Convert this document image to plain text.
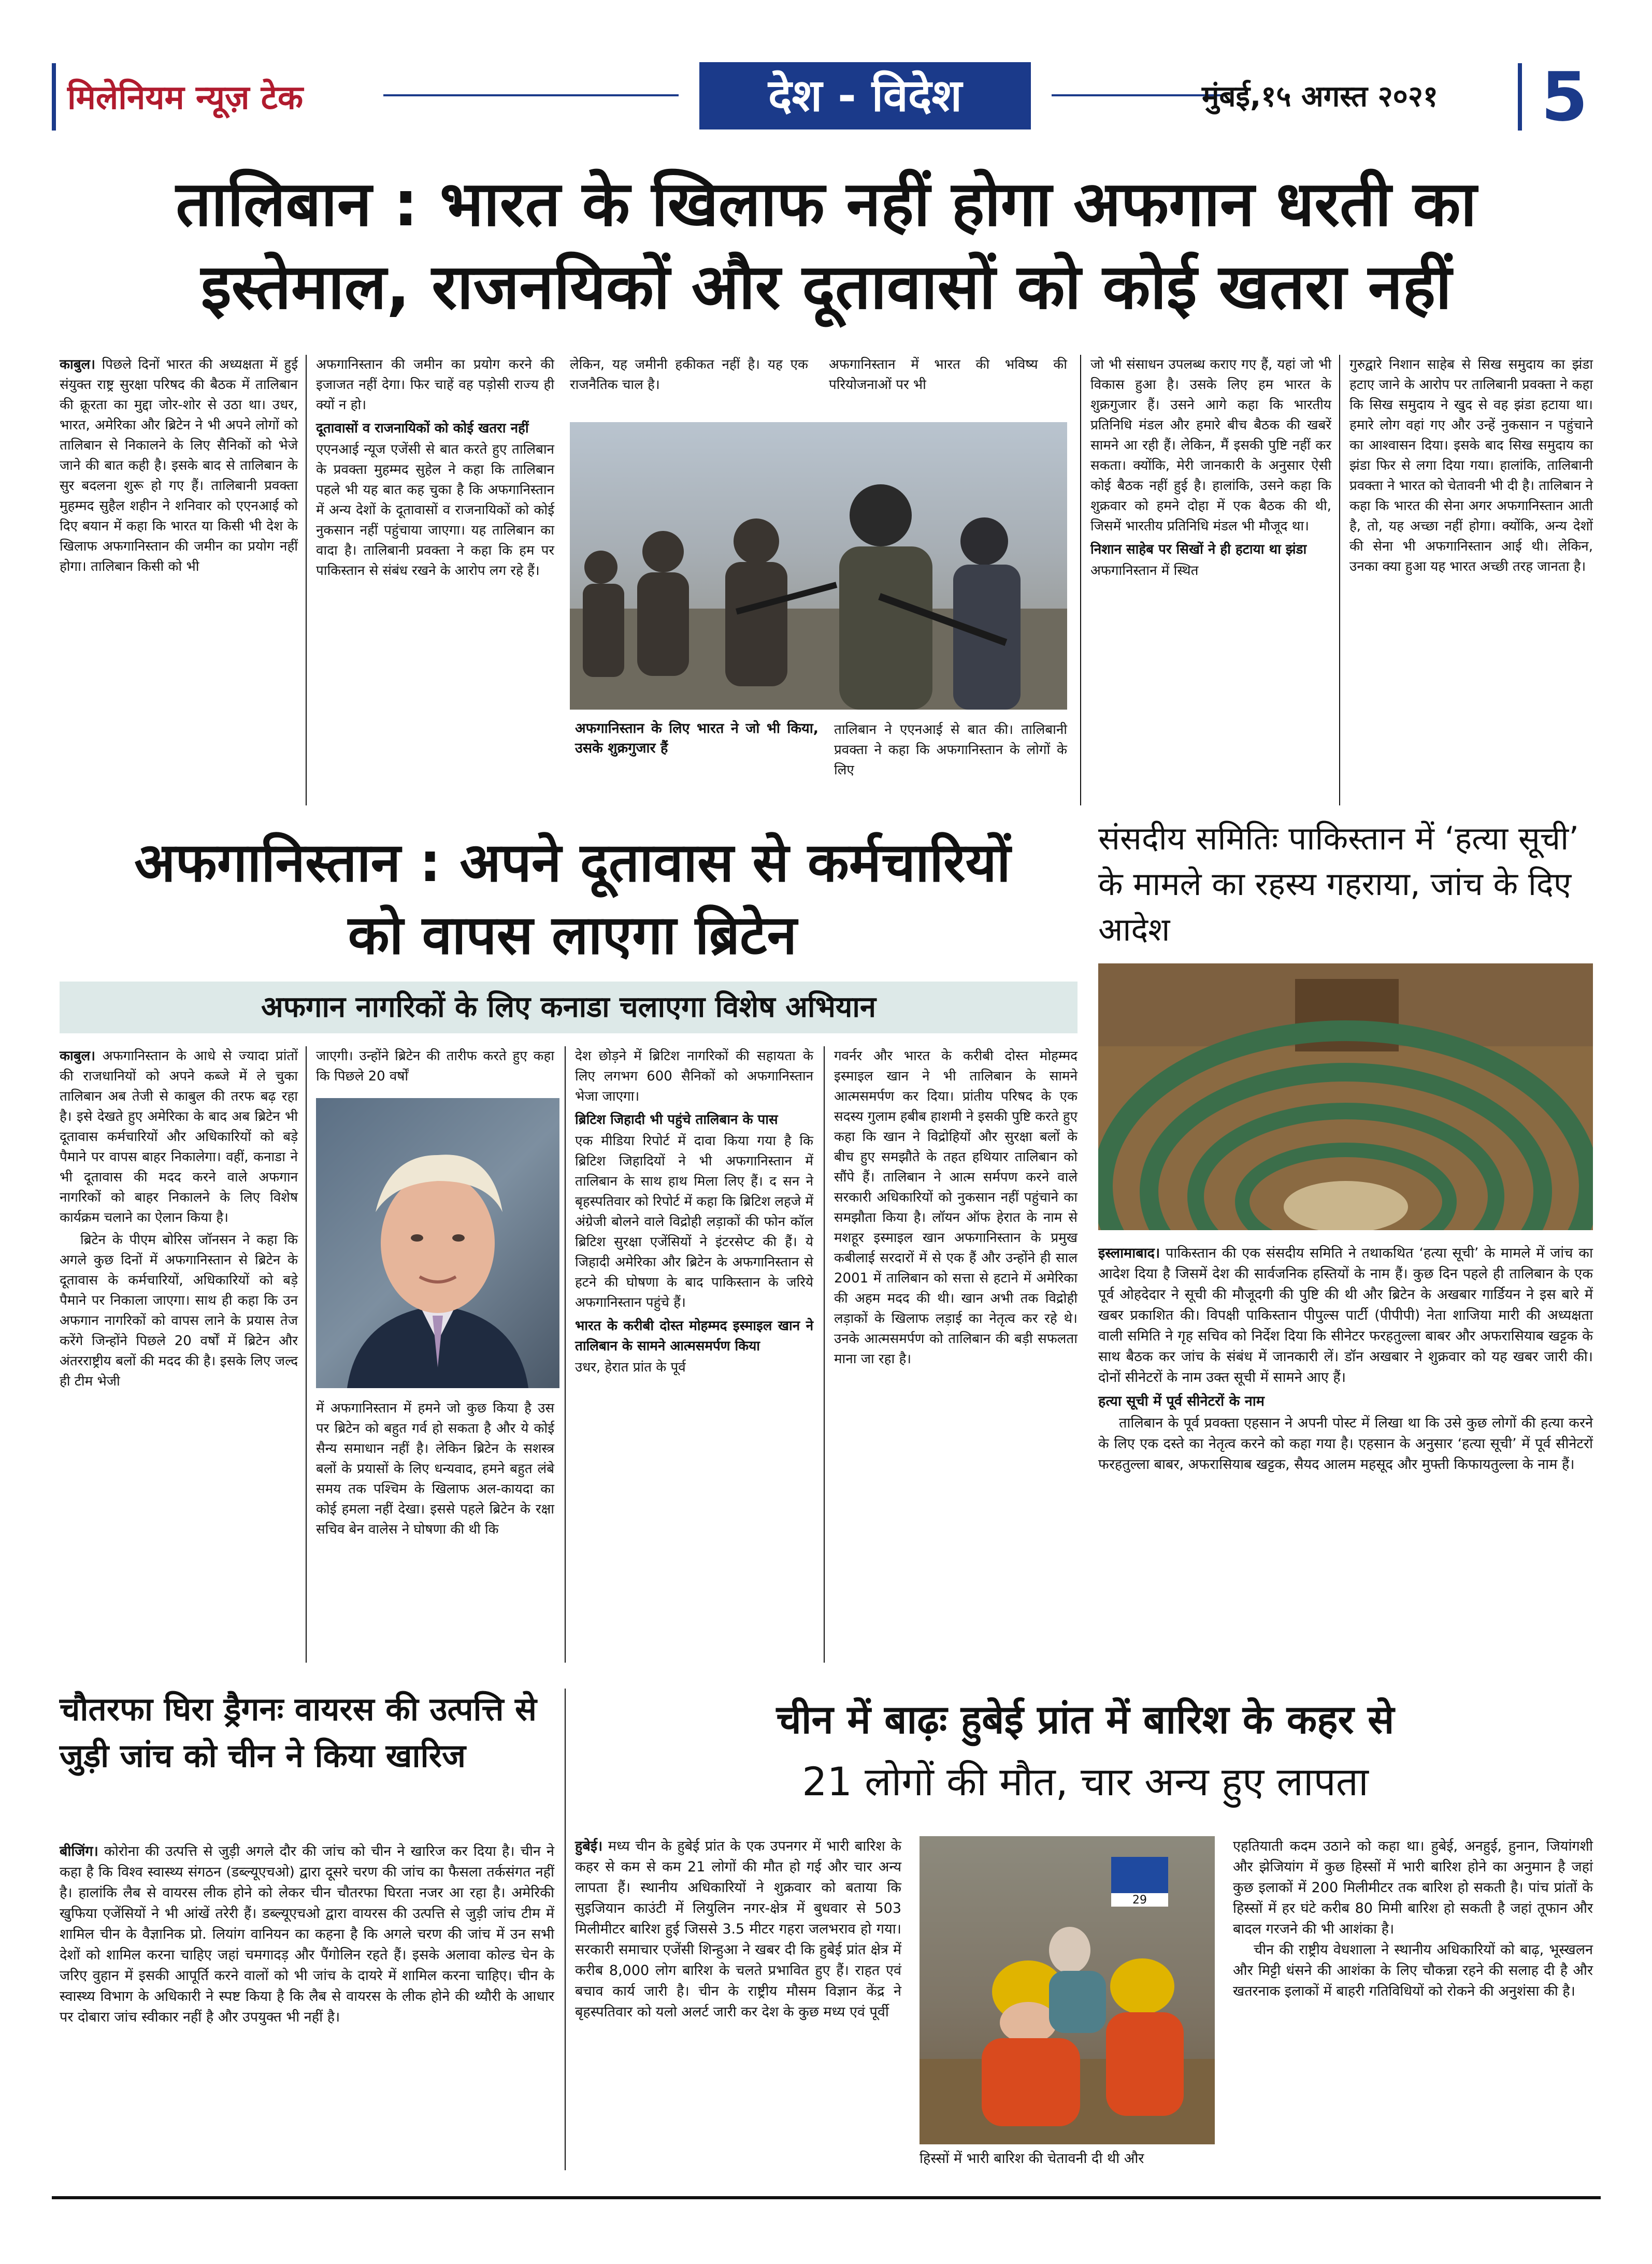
मिलेनियम न्यूज़ टेक	देश - विदेश	मुंबई,१५ अगस्त २०२१ 5
तालिबान : भारत के खिलाफ नहीं होगा अफगान धरती का
इस्तेमाल, राजनयिकों और दूतावासों को कोई खतरा नहीं
काबुल। पिछले दिनों भारत की अध्यक्षता में हुई संयुक्त राष्ट्र सुरक्षा परिषद की बैठक में तालिबान की क्रूरता का मुद्दा जोर-शोर से उठा था। उधर, भारत, अमेरिका और ब्रिटेन ने भी अपने लोगों को तालिबान से निकालने के लिए सैनिकों को भेजे जाने की बात कही है। इसके बाद से तालिबान के सुर बदलना शुरू हो गए हैं। तालिबानी प्रवक्ता मुहम्मद सुहैल शहीन ने शनिवार को एएनआई को दिए बयान में कहा कि भारत या किसी भी देश के खिलाफ अफगानिस्तान की जमीन का प्रयोग नहीं होगा। तालिबान किसी को भी
अफगानिस्तान की जमीन का प्रयोग करने की इजाजत नहीं देगा। फिर चाहें वह पड़ोसी राज्य ही क्यों न हो।
दूतावासों व राजनायिकों को कोई खतरा नहीं
एएनआई न्यूज एजेंसी से बात करते हुए तालिबान के प्रवक्ता मुहम्मद सुहेल ने कहा कि तालिबान पहले भी यह बात कह चुका है कि अफगानिस्तान में अन्य देशों के दूतावासों व राजनायिकों को कोई नुकसान नहीं पहुंचाया जाएगा। यह तालिबान का वादा है। तालिबानी प्रवक्ता ने कहा कि हम पर पाकिस्तान से संबंध रखने के आरोप लग रहे हैं।
लेकिन, यह जमीनी हकीकत नहीं है। यह एक राजनैतिक चाल है।
अफगानिस्तान में भारत की भविष्य की परियोजनाओं पर भी
अफगानिस्तान के लिए भारत ने जो भी किया, उसके शुक्रगुजार हैं
तालिबान ने एएनआई से बात की। तालिबानी प्रवक्ता ने कहा कि अफगानिस्तान के लोगों के लिए
जो भी संसाधन उपलब्ध कराए गए हैं, यहां जो भी विकास हुआ है। उसके लिए हम भारत के शुक्रगुजार हैं। उसने आगे कहा कि भारतीय प्रतिनिधि मंडल और हमारे बीच बैठक की खबरें सामने आ रही हैं। लेकिन, मैं इसकी पुष्टि नहीं कर सकता। क्योंकि, मेरी जानकारी के अनुसार ऐसी कोई बैठक नहीं हुई है। हालांकि, उसने कहा कि शुक्रवार को हमने दोहा में एक बैठक की थी, जिसमें भारतीय प्रतिनिधि मंडल भी मौजूद था।
निशान साहेब पर सिखों ने ही हटाया था झंडा
अफगानिस्तान में स्थित
गुरुद्वारे निशान साहेब से सिख समुदाय का झंडा हटाए जाने के आरोप पर तालिबानी प्रवक्ता ने कहा कि सिख समुदाय ने खुद से वह झंडा हटाया था। हमारे लोग वहां गए और उन्हें नुकसान न पहुंचाने का आश्वासन दिया। इसके बाद सिख समुदाय का झंडा फिर से लगा दिया गया। हालांकि, तालिबानी प्रवक्ता ने भारत को चेतावनी भी दी है। तालिबान ने कहा कि भारत की सेना अगर अफगानिस्तान आती है, तो, यह अच्छा नहीं होगा। क्योंकि, अन्य देशों की सेना भी अफगानिस्तान आई थी। लेकिन, उनका क्या हुआ यह भारत अच्छी तरह जानता है।
अफगानिस्तान : अपने दूतावास से कर्मचारियों
को वापस लाएगा ब्रिटेन
अफगान नागरिकों के लिए कनाडा चलाएगा विशेष अभियान
काबुल। अफगानिस्तान के आधे से ज्यादा प्रांतों की राजधानियों को अपने कब्जे में ले चुका तालिबान अब तेजी से काबुल की तरफ बढ़ रहा है। इसे देखते हुए अमेरिका के बाद अब ब्रिटेन भी दूतावास कर्मचारियों और अधिकारियों को बड़े पैमाने पर वापस बाहर निकालेगा। वहीं, कनाडा ने भी दूतावास की मदद करने वाले अफगान नागरिकों को बाहर निकालने के लिए विशेष कार्यक्रम चलाने का ऐलान किया है।

ब्रिटेन के पीएम बोरिस जॉनसन ने कहा कि अगले कुछ दिनों में अफगानिस्तान से ब्रिटेन के दूतावास के कर्मचारियों, अधिकारियों को बड़े पैमाने पर निकाला जाएगा। साथ ही कहा कि उन अफगान नागरिकों को वापस लाने के प्रयास तेज करेंगे जिन्होंने पिछले 20 वर्षों में ब्रिटेन और अंतरराष्ट्रीय बलों की मदद की है। इसके लिए जल्द ही टीम भेजी

जाएगी। उन्होंने ब्रिटेन की तारीफ करते हुए कहा कि पिछले 20 वर्षों
में अफगानिस्तान में हमने जो कुछ किया है उस पर ब्रिटेन को बहुत गर्व हो सकता है और ये कोई सैन्य समाधान नहीं है। लेकिन ब्रिटेन के सशस्त्र बलों के प्रयासों के लिए धन्यवाद, हमने बहुत लंबे समय तक पश्चिम के खिलाफ अल-कायदा का कोई हमला नहीं देखा। इससे पहले ब्रिटेन के रक्षा सचिव बेन वालेस ने घोषणा की थी कि
देश छोड़ने में ब्रिटिश नागरिकों की सहायता के लिए लगभग 600 सैनिकों को अफगानिस्तान भेजा जाएगा।
ब्रिटिश जिहादी भी पहुंचे तालिबान के पास
एक मीडिया रिपोर्ट में दावा किया गया है कि ब्रिटिश जिहादियों ने भी अफगानिस्तान में तालिबान के साथ हाथ मिला लिए हैं। द सन ने बृहस्पतिवार को रिपोर्ट में कहा कि ब्रिटिश लहजे में अंग्रेजी बोलने वाले विद्रोही लड़ाकों की फोन कॉल ब्रिटिश सुरक्षा एजेंसियों ने इंटरसेप्ट की हैं। ये जिहादी अमेरिका और ब्रिटेन के अफगानिस्तान से हटने की घोषणा के बाद पाकिस्तान के जरिये अफगानिस्तान पहुंचे हैं।
भारत के करीबी दोस्त मोहम्मद इस्माइल खान ने तालिबान के सामने आत्मसमर्पण किया
उधर, हेरात प्रांत के पूर्व
गवर्नर और भारत के करीबी दोस्त मोहम्मद इस्माइल खान ने भी तालिबान के सामने आत्मसमर्पण कर दिया। प्रांतीय परिषद के एक सदस्य गुलाम हबीब हाशमी ने इसकी पुष्टि करते हुए कहा कि खान ने विद्रोहियों और सुरक्षा बलों के बीच हुए समझौते के तहत हथियार तालिबान को सौंपे हैं। तालिबान ने आत्म सर्मपण करने वाले सरकारी अधिकारियों को नुकसान नहीं पहुंचाने का समझौता किया है। लॉयन ऑफ हेरात के नाम से मशहूर इस्माइल खान अफगानिस्तान के प्रमुख कबीलाई सरदारों में से एक हैं और उन्होंने ही साल 2001 में तालिबान को सत्ता से हटाने में अमेरिका की अहम मदद की थी। खान अभी तक विद्रोही लड़ाकों के खिलाफ लड़ाई का नेतृत्व कर रहे थे। उनके आत्मसमर्पण को तालिबान की बड़ी सफलता माना जा रहा है।
संसदीय समितिः पाकिस्तान में ‘हत्या सूची’ के मामले का रहस्य गहराया, जांच के दिए आदेश
इस्लामाबाद। पाकिस्तान की एक संसदीय समिति ने तथाकथित ‘हत्या सूची’ के मामले में जांच का आदेश दिया है जिसमें देश की सार्वजनिक हस्तियों के नाम हैं। कुछ दिन पहले ही तालिबान के एक पूर्व ओहदेदार ने सूची की मौजूदगी की पुष्टि की थी और ब्रिटेन के अखबार गार्डियन ने इस बारे में खबर प्रकाशित की। विपक्षी पाकिस्तान पीपुल्स पार्टी (पीपीपी) नेता शाजिया मारी की अध्यक्षता वाली समिति ने गृह सचिव को निर्देश दिया कि सीनेटर फरहतुल्ला बाबर और अफरासियाब खट्टक के साथ बैठक कर जांच के संबंध में जानकारी लें। डॉन अखबार ने शुक्रवार को यह खबर जारी की। दोनों सीनेटरों के नाम उक्त सूची में सामने आए हैं।
हत्या सूची में पूर्व सीनेटरों के नाम

तालिबान के पूर्व प्रवक्ता एहसान ने अपनी पोस्ट में लिखा था कि उसे कुछ लोगों की हत्या करने के लिए एक दस्ते का नेतृत्व करने को कहा गया है। एहसान के अनुसार ‘हत्या सूची’ में पूर्व सीनेटरों फरहतुल्ला बाबर, अफरासियाब खट्टक, सैयद आलम महसूद और मुफ्ती किफायतुल्ला के नाम हैं।

चौतरफा घिरा ड्रैगनः वायरस की उत्पत्ति से जुड़ी जांच को चीन ने किया खारिज
बीजिंग। कोरोना की उत्पत्ति से जुड़ी अगले दौर की जांच को चीन ने खारिज कर दिया है। चीन ने कहा है कि विश्व स्वास्थ्य संगठन (डब्ल्यूएचओ) द्वारा दूसरे चरण की जांच का फैसला तर्कसंगत नहीं है। हालांकि लैब से वायरस लीक होने को लेकर चीन चौतरफा घिरता नजर आ रहा है। अमेरिकी खुफिया एजेंसियों ने भी आंखें तरेरी हैं। डब्ल्यूएचओ द्वारा वायरस की उत्पत्ति से जुड़ी जांच टीम में शामिल चीन के वैज्ञानिक प्रो. लियांग वानियन का कहना है कि अगले चरण की जांच में उन सभी देशों को शामिल करना चाहिए जहां चमगादड़ और पैंगोलिन रहते हैं। इसके अलावा कोल्ड चेन के जरिए वुहान में इसकी आपूर्ति करने वालों को भी जांच के दायरे में शामिल करना चाहिए। चीन के स्वास्थ्य विभाग के अधिकारी ने स्पष्ट किया है कि लैब से वायरस के लीक होने की थ्यौरी के आधार पर दोबारा जांच स्वीकार नहीं है और उपयुक्त भी नहीं है।
चीन में बाढ़ः हुबेई प्रांत में बारिश के कहर से
21 लोगों की मौत, चार अन्य हुए लापता
हुबेई। मध्य चीन के हुबेई प्रांत के एक उपनगर में भारी बारिश के कहर से कम से कम 21 लोगों की मौत हो गई और चार अन्य लापता हैं। स्थानीय अधिकारियों ने शुक्रवार को बताया कि सुइजियान काउंटी में लियुलिन नगर-क्षेत्र में बुधवार से 503 मिलीमीटर बारिश हुई जिससे 3.5 मीटर गहरा जलभराव हो गया। सरकारी समाचार एजेंसी शिन्हुआ ने खबर दी कि हुबेई प्रांत क्षेत्र में करीब 8,000 लोग बारिश के चलते प्रभावित हुए हैं। राहत एवं बचाव कार्य जारी है। चीन के राष्ट्रीय मौसम विज्ञान केंद्र ने बृहस्पतिवार को यलो अलर्ट जारी कर देश के कुछ मध्य एवं पूर्वी
29
हिस्सों में भारी बारिश की चेतावनी दी थी और
एहतियाती कदम उठाने को कहा था। हुबेई, अनहुई, हुनान, जियांगशी और झेजियांग में कुछ हिस्सों में भारी बारिश होने का अनुमान है जहां कुछ इलाकों में 200 मिलीमीटर तक बारिश हो सकती है। पांच प्रांतों के हिस्सों में हर घंटे करीब 80 मिमी बारिश हो सकती है जहां तूफान और बादल गरजने की भी आशंका है।

चीन की राष्ट्रीय वेधशाला ने स्थानीय अधिकारियों को बाढ़, भूस्खलन और मिट्टी धंसने की आशंका के लिए चौकन्ना रहने की सलाह दी है और खतरनाक इलाकों में बाहरी गतिविधियों को रोकने की अनुशंसा की है।
